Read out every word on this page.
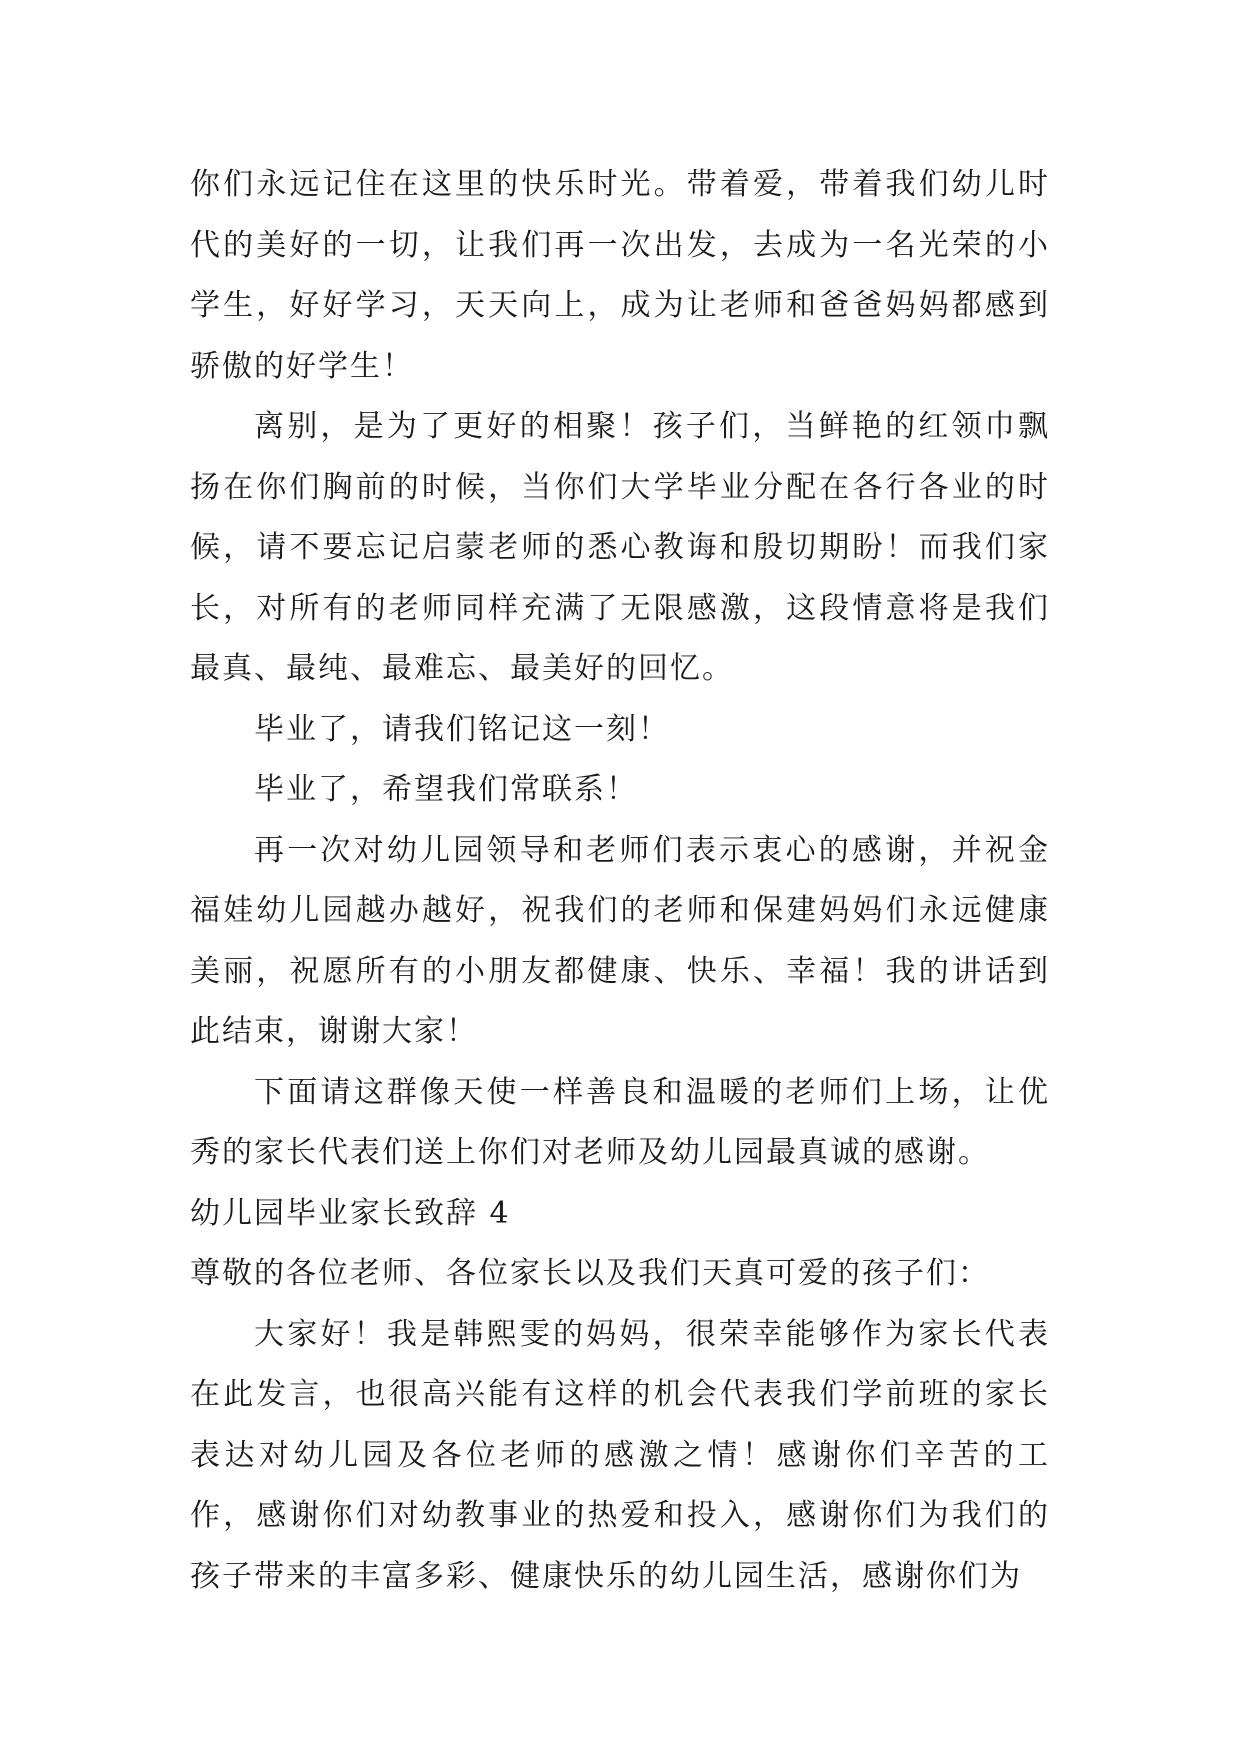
你们永远记住在这里的快乐时光。带着爱，带着我们幼儿时代的美好的一切，让我们再一次出发，去成为一名光荣的小学生，好好学习，天天向上，成为让老师和爸爸妈妈都感到骄傲的好学生！

离别，是为了更好的相聚！孩子们，当鲜艳的红领巾飘扬在你们胸前的时候，当你们大学毕业分配在各行各业的时候，请不要忘记启蒙老师的悉心教诲和殷切期盼！而我们家长，对所有的老师同样充满了无限感激，这段情意将是我们最真、最纯、最难忘、最美好的回忆。

毕业了，请我们铭记这一刻！

毕业了，希望我们常联系！

再一次对幼儿园领导和老师们表示衷心的感谢，并祝金福娃幼儿园越办越好，祝我们的老师和保建妈妈们永远健康美丽，祝愿所有的小朋友都健康、快乐、幸福！我的讲话到此结束，谢谢大家！

下面请这群像天使一样善良和温暖的老师们上场，让优秀的家长代表们送上你们对老师及幼儿园最真诚的感谢。

幼儿园毕业家长致辞 4

尊敬的各位老师、各位家长以及我们天真可爱的孩子们：

大家好！我是韩熙雯的妈妈，很荣幸能够作为家长代表在此发言，也很高兴能有这样的机会代表我们学前班的家长表达对幼儿园及各位老师的感激之情！感谢你们辛苦的工作，感谢你们对幼教事业的热爱和投入，感谢你们为我们的孩子带来的丰富多彩、健康快乐的幼儿园生活，感谢你们为
